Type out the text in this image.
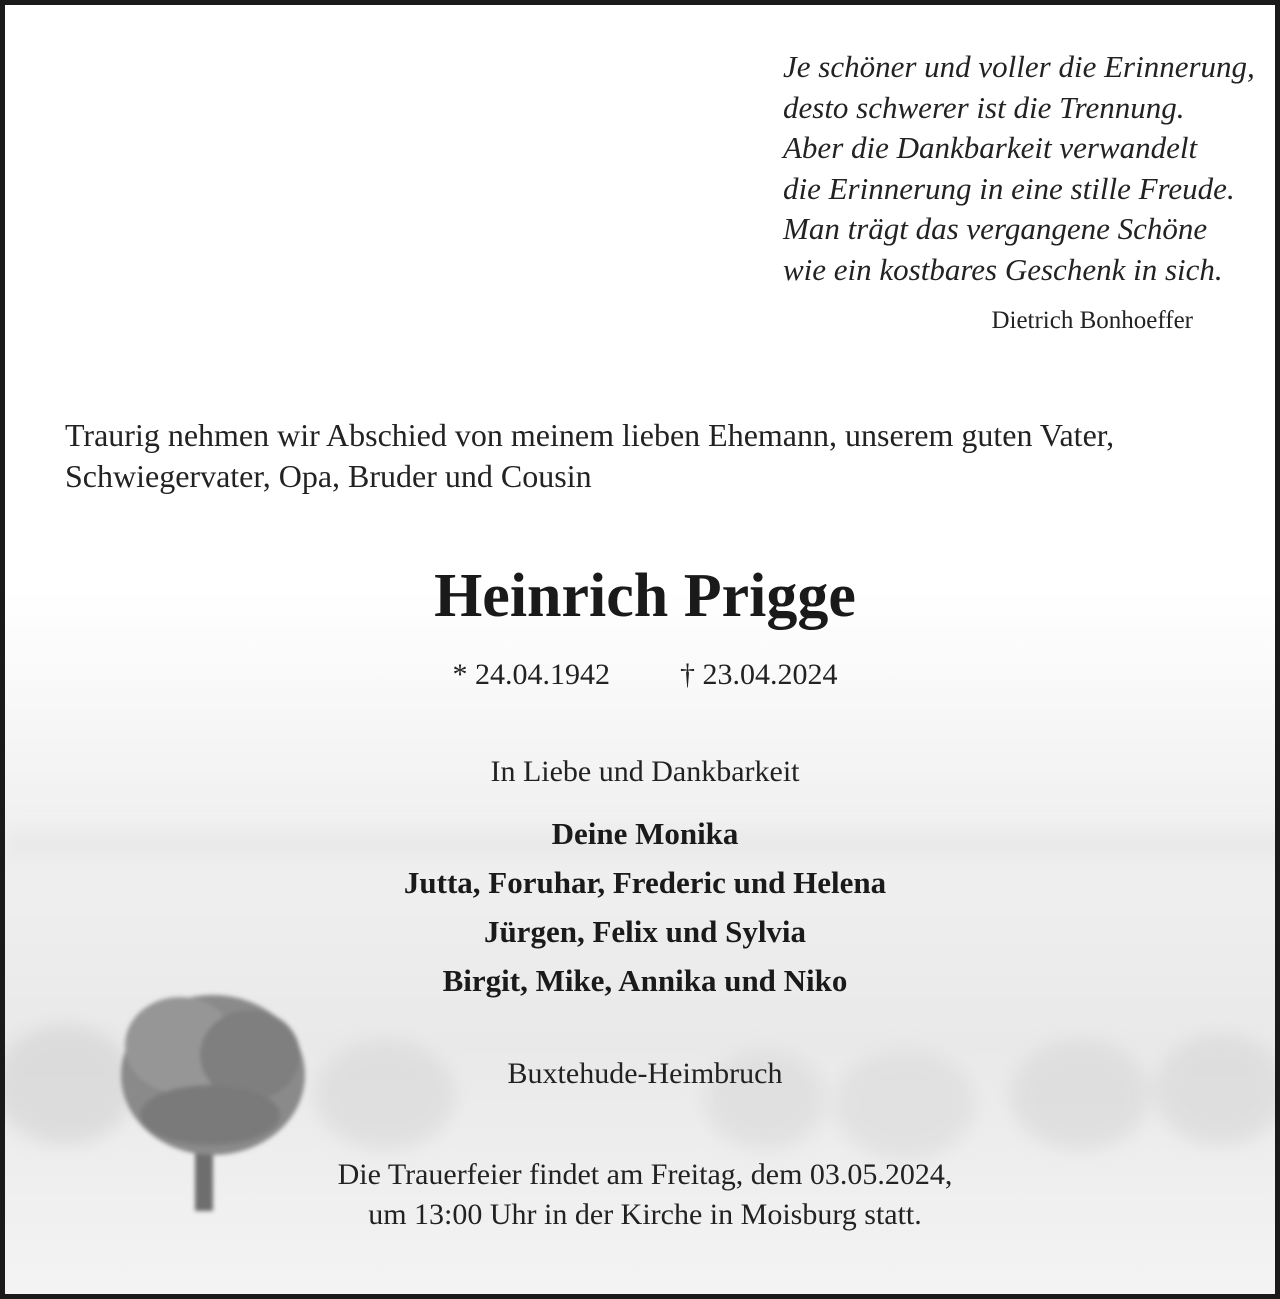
Je schöner und voller die Erinnerung,
desto schwerer ist die Trennung.
Aber die Dankbarkeit verwandelt
die Erinnerung in eine stille Freude.
Man trägt das vergangene Schöne
wie ein kostbares Geschenk in sich.
Dietrich Bonhoeffer
Traurig nehmen wir Abschied von meinem lieben Ehemann, unserem guten Vater,
Schwiegervater, Opa, Bruder und Cousin
Heinrich Prigge
* 24.04.1942 † 23.04.2024
In Liebe und Dankbarkeit
Deine Monika
Jutta, Foruhar, Frederic und Helena
Jürgen, Felix und Sylvia
Birgit, Mike, Annika und Niko
Buxtehude-Heimbruch
Die Trauerfeier findet am Freitag, dem 03.05.2024,
um 13:00 Uhr in der Kirche in Moisburg statt.
